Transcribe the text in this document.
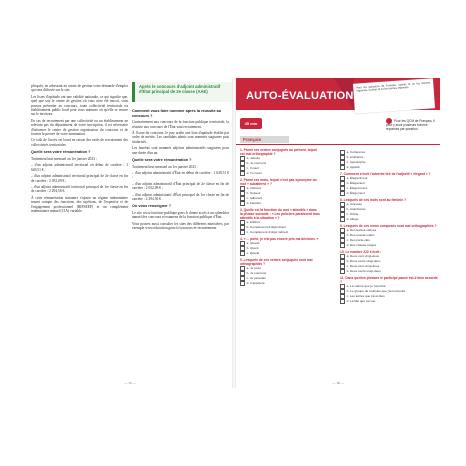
plicqués, en adressant au centre de gestion votre demande d'emploi qui sera diffusée sur le site.

Les listes d'aptitude ont une validité nationale, ce qui signifie que, quel que soit le centre de gestion où vous avez été inscrit, vous pouvez présenter au concours, toute collectivité territoriale ou établissement public local peut vous nommer où qu'elle se trouve sur le territoire.

En cas de recrutement par une collectivité ou un établissement ne relevant pas du département de votre inscription, il est nécessaire d'informer le centre de gestion organisateur du concours et de fournir la preuve de votre nomination.

Ce coût de l'accès est lourd en raison des tarifs de recrutement des collectivités territoriales.

Quelle sera votre rémunération ?

Traitement brut mensuel au 1er janvier 2023 :

– d'un adjoint administratif territorial en début de carrière : 1 649,51 € ;

– d'un adjoint administratif territorial principal de 2e classe en fin de carrière : 2 052,09 € ;

– d'un adjoint administratif territorial principal de 1re classe en fin de carrière : 2 294,56 €.

À cette rémunération statutaire s'ajoute un régime indemnitaire tenant compte des fonctions, des sujétions, de l'expertise et de l'engagement professionnel (RIFSEEP) et un complément indemnitaire annuel (CIA) variable.

Après le concours d'adjoint administratif d'État principal de 2e classe (AAE)
Comment vous faire nommer après la réussite au concours ?

Contrairement aux concours de la fonction publique territoriale, la réussite aux concours de l'État vaut recrutement.

À l'issue du concours, le jury arrête une liste d'aptitude établie par ordre de mérite. Les candidats admis sont nommés stagiaires puis titularisés.

Les lauréats sont nommés adjoints administratifs stagiaires pour une durée d'un an.

Quelle sera votre rémunération ?

Traitement brut mensuel au 1er janvier 2023 :

– d'un adjoint administratif d'État en début de carrière : 1 649,51 € ;

– d'un adjoint administratif d'État principal de 2e classe en fin de carrière : 2 052,09 € ;

– d'un adjoint administratif d'État principal de 1re classe en fin de carrière : 2 294,56 €.

Où vous renseigner ?

Le site www.fonction-publique.gouv.fr donne accès à un calendrier annuel des concours et examens de la fonction publique d'État.

Vous pouvez aussi consulter les sites des différents ministères, par exemple www.education.gouv.fr/concours-et-recrutements.

— 15 —
AUTO-ÉVALUATION

Pour les questions de Français, cochez la ou les bonnes réponses. Cochez le ou les bonnes réponses.

45 min
Pour les QCM de Français, il peut y avoir plusieurs bonnes réponses par question.
Français
1. Parmi ces verbes conjugués au présent, lequel est mal orthographié ?
a. Jeboire
b. Je courrons
c. Il court
d. Tu cours
2. Parmi ces mots, lequel n'est pas synonyme du mot « subalterne » ?
a. Inférieur
b. Suiveur
c. Adhérent
d. Familier
3. Quelle est la fonction du mot « attentifs » dans la phrase suivante : « Les policiers paraissent tous attentifs à la situation » ?
a. Attribut
b. Complément d'objet direct
c. Complément d'objet indirect
4. « ... porte, je n'ai pas encore pris ma décision. »
a. Quand
b. Quant
c. Quand
5. Lesquels de ces verbes conjugués sont mal orthographiés ?
a. Je joure
b. Je courrons
c. Je pèserais
d. Il appelera
a. Cohérence
b. Ambiance
c. Apostrophe
d. Appétit
7. Comment s'écrit l'adverbe tiré de l'adjectif « élégant » ?
a. Élégamment
b. Élégament
c. Élégemment
d. Élégement
8. Lesquels de ces mots sont au féminin ?
a. Amnésie
b. Anachorète
c. Orbite
d. Alloge
9. Lesquels de ces noms composés sont mal orthographiés ?
a. Des lèches-vitrines
b. Des essuie-mains
c. Des porte-clés
d. Des chasse-neiges
10. Le nombre 222 s'écrit :
a. Deux cent vingt-deux
b. Deux cents vingt-deux
c. Deux-cent-vingt-deux
d. Deux cents-vingt-deux
11. Dans quelles phrases le participe passé est-il bien accordé ?
a. La voiture que je t'ai prêté
b. Le groupe de touristes que j'ai rencontré
c. Les lettres que j'ai écrites
d. La fille que j'ai vue
— 16 —
